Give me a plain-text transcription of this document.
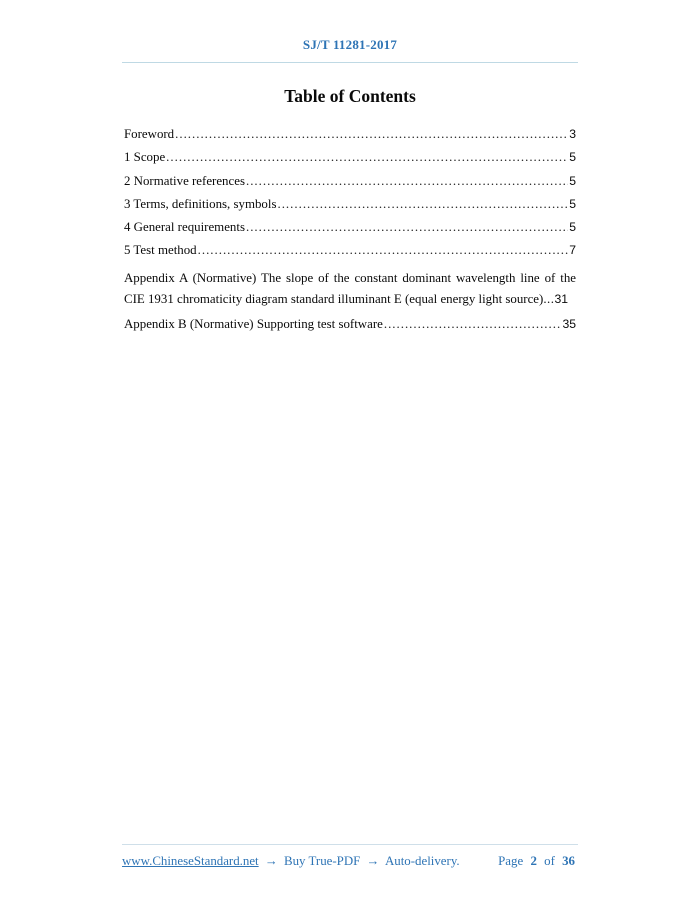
SJ/T 11281-2017
Table of Contents
Foreword .....	3
1 Scope .....	5
2 Normative references .....	5
3 Terms, definitions, symbols .....	5
4 General requirements .....	5
5 Test method .....	7
Appendix A (Normative) The slope of the constant dominant wavelength line of the CIE 1931 chromaticity diagram standard illuminant E (equal energy light source) ... 31
Appendix B (Normative) Supporting test software .....	35
www.ChineseStandard.net → Buy True-PDF → Auto-delivery.	Page 2 of 36
